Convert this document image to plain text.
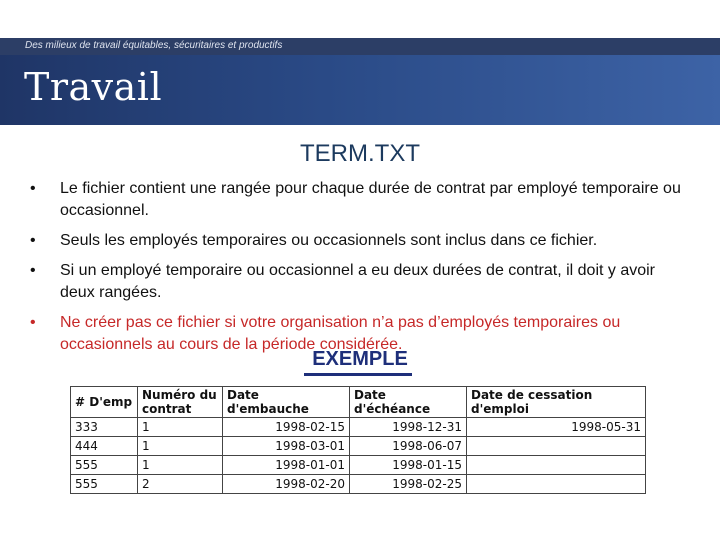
Des milieux de travail équitables, sécuritaires et productifs
Travail
TERM.TXT
• Le fichier contient une rangée pour chaque durée de contrat par employé temporaire ou occasionnel.
• Seuls les employés temporaires ou occasionnels sont inclus dans ce fichier.
• Si un employé temporaire ou occasionnel a eu deux durées de contrat, il doit y avoir deux rangées.
• Ne créer pas ce fichier si votre organisation n’a pas d’employés temporaires ou occasionnels au cours de la période considérée.
EXEMPLE
# D'emp	Numéro du contrat	Date d'embauche	Date d'échéance	Date de cessation d'emploi
333	1	1998-02-15	1998-12-31	1998-05-31
444	1	1998-03-01	1998-06-07	
555	1	1998-01-01	1998-01-15	
555	2	1998-02-20	1998-02-25	
